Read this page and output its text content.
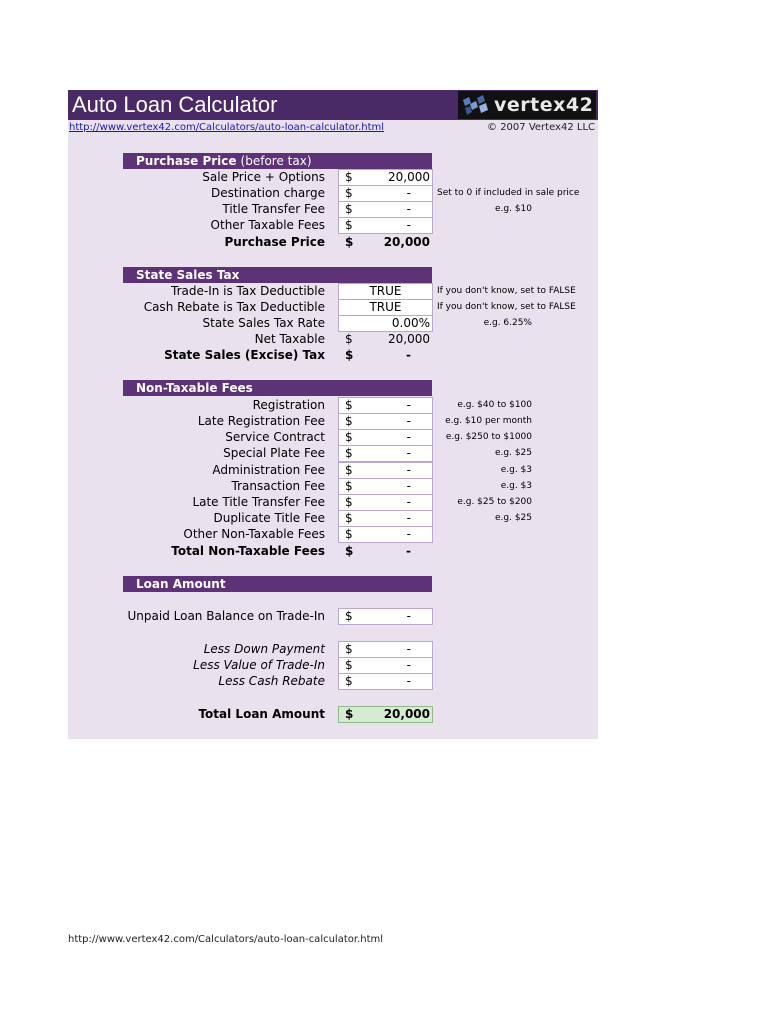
Auto Loan Calculator	vertex42
http://www.vertex42.com/Calculators/auto-loan-calculator.html	© 2007 Vertex42 LLC
Purchase Price (before tax)
Sale Price + Options $	20,000
Destination charge $	-	Set to 0 if included in sale price
Title Transfer Fee $	-	e.g. $10
Other Taxable Fees $	-
Purchase Price $	20,000
State Sales Tax
Trade-In is Tax Deductible	TRUE	If you don't know, set to FALSE
Cash Rebate is Tax Deductible	TRUE	If you don't know, set to FALSE
State Sales Tax Rate	0.00%	e.g. 6.25%
Net Taxable $	20,000
State Sales (Excise) Tax $	-
Non-Taxable Fees
Registration $	-	e.g. $40 to $100
Late Registration Fee $	-	e.g. $10 per month
Service Contract $	-	e.g. $250 to $1000
Special Plate Fee $	-	e.g. $25
Administration Fee $	-	e.g. $3
Transaction Fee $	-	e.g. $3
Late Title Transfer Fee $	-	e.g. $25 to $200
Duplicate Title Fee $	-	e.g. $25
Other Non-Taxable Fees $	-
Total Non-Taxable Fees $	-
Loan Amount
Unpaid Loan Balance on Trade-In $	-
Less Down Payment $	-
Less Value of Trade-In $	-
Less Cash Rebate $	-
Total Loan Amount $	20,000
http://www.vertex42.com/Calculators/auto-loan-calculator.html
